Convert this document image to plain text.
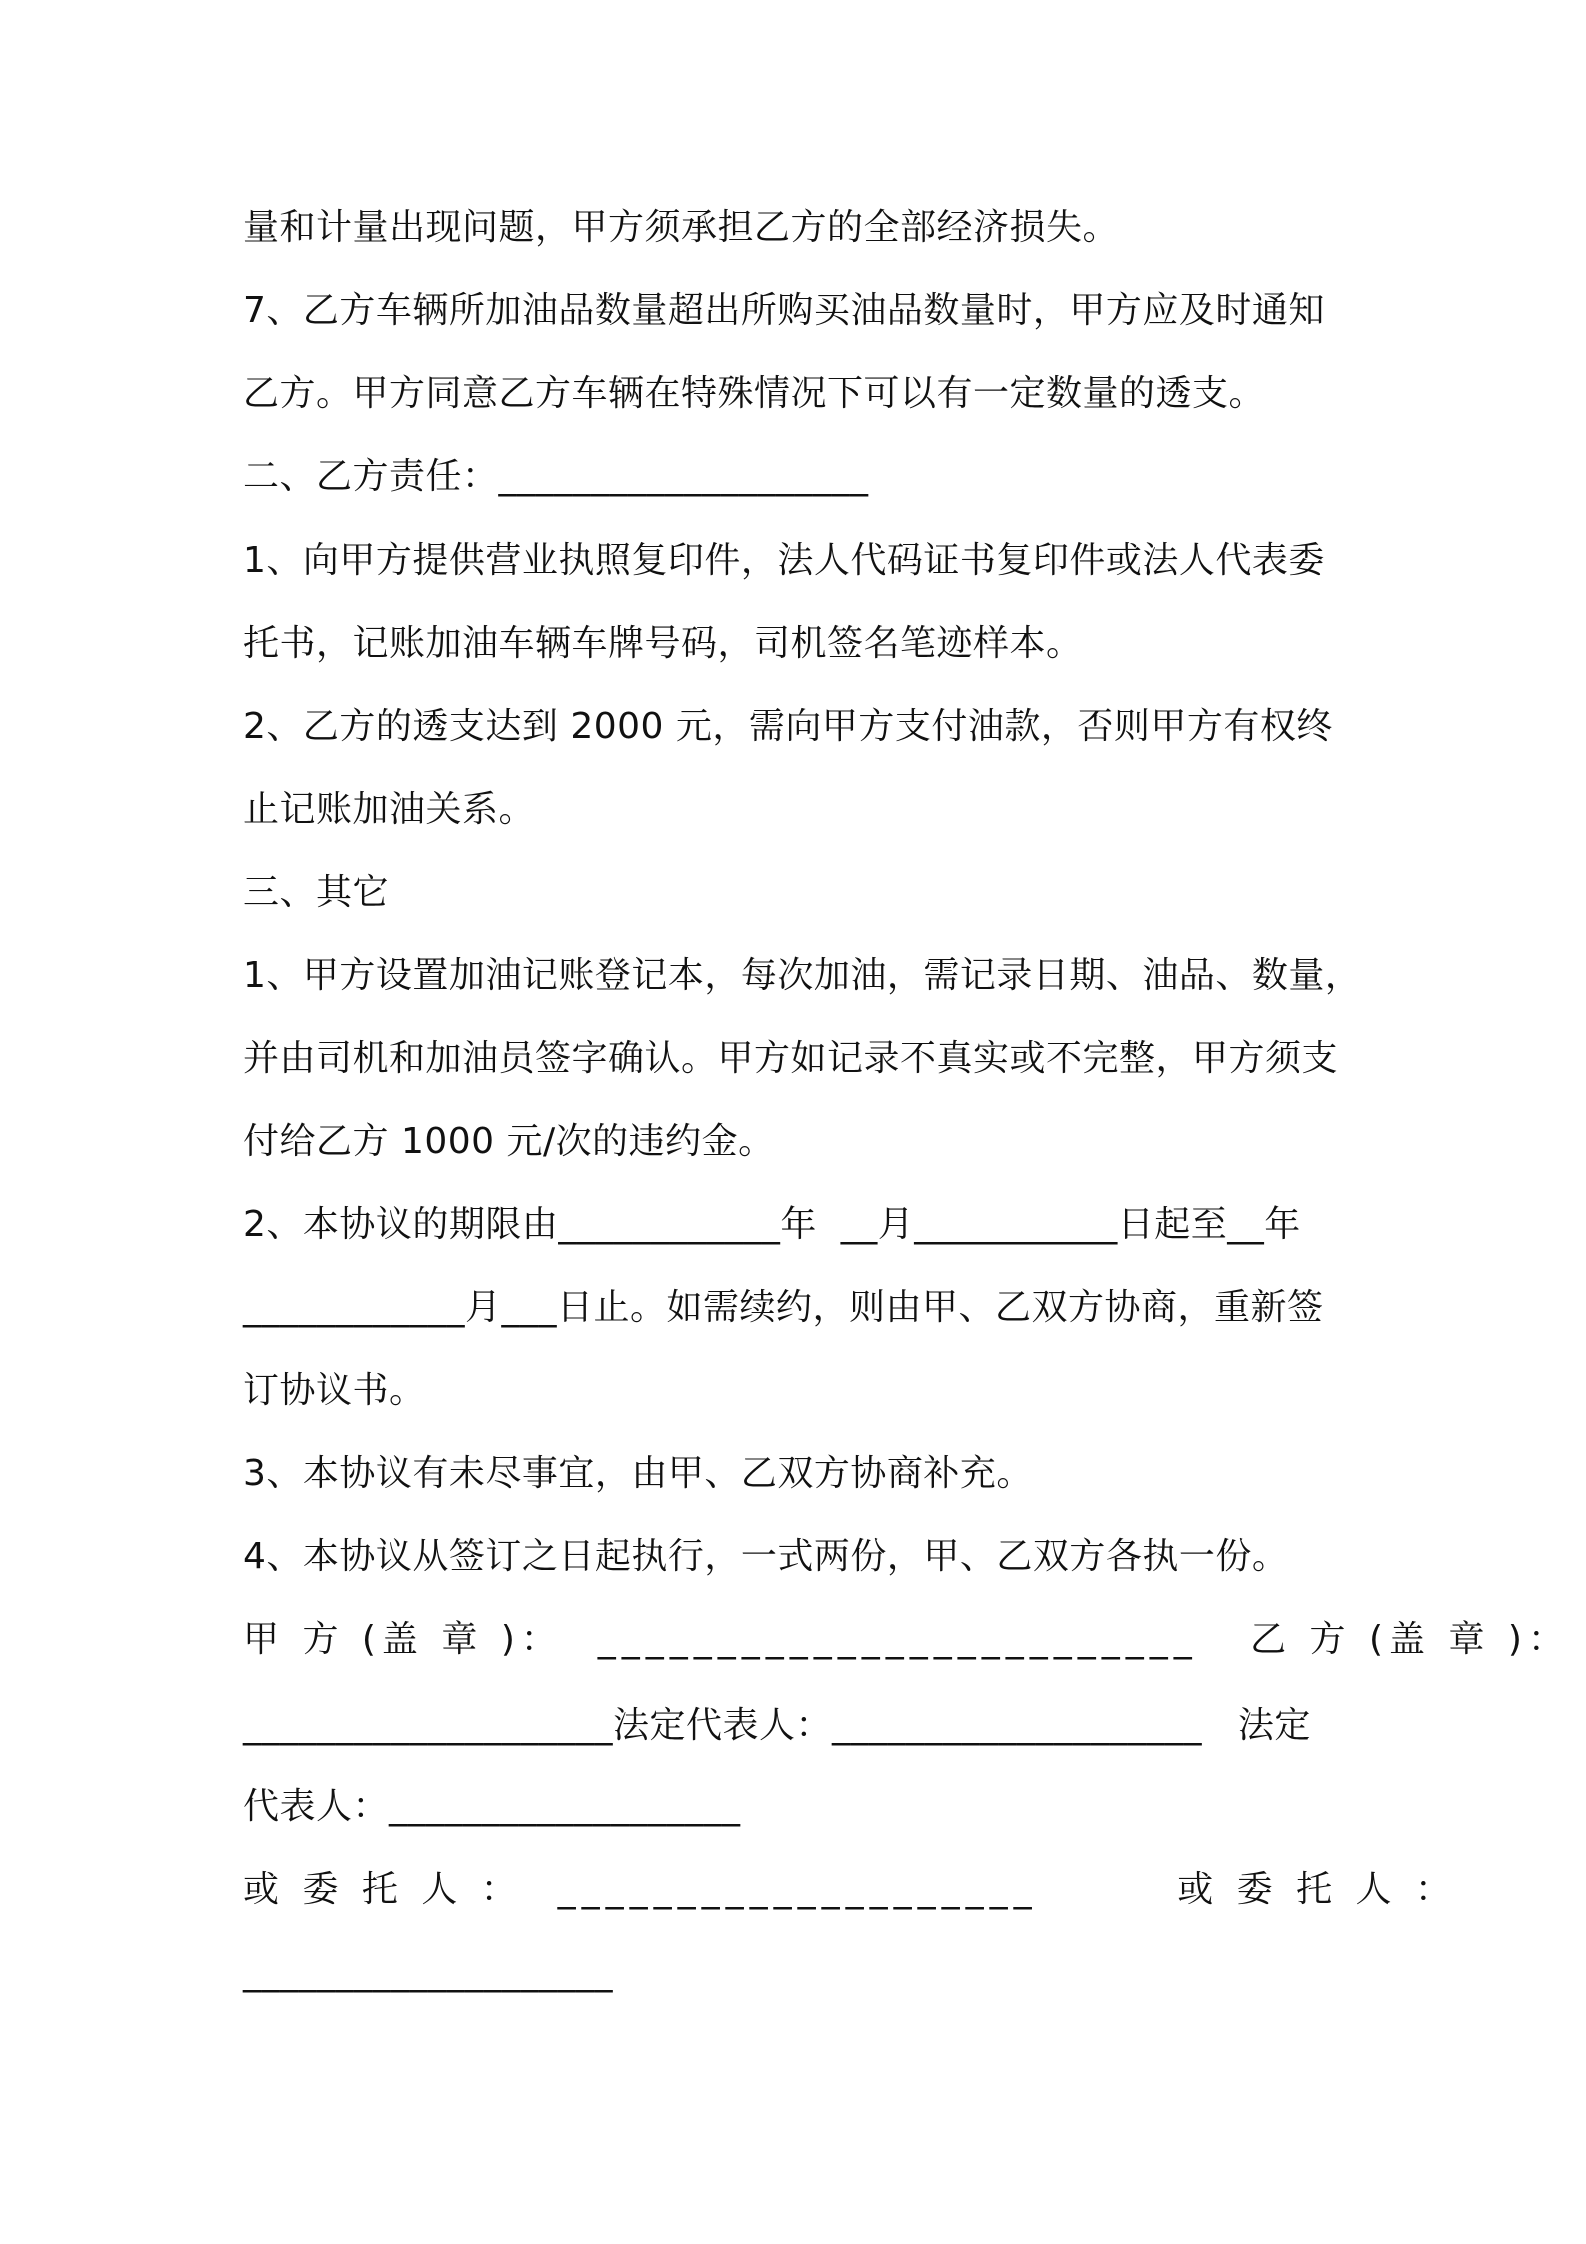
量和计量出现问题，甲方须承担乙方的全部经济损失。
7、乙方车辆所加油品数量超出所购买油品数量时，甲方应及时通知
乙方。甲方同意乙方车辆在特殊情况下可以有一定数量的透支。
二、乙方责任：____________________
1、向甲方提供营业执照复印件，法人代码证书复印件或法人代表委
托书，记账加油车辆车牌号码，司机签名笔迹样本。
2、乙方的透支达到 2000 元，需向甲方支付油款，否则甲方有权终
止记账加油关系。
三、其它
1、甲方设置加油记账登记本，每次加油，需记录日期、油品、数量，
并由司机和加油员签字确认。甲方如记录不真实或不完整，甲方须支
付给乙方 1000 元/次的违约金。
2、本协议的期限由____________年  __月___________日起至__年
____________月___日止。如需续约，则由甲、乙双方协商，重新签
订协议书。
3、本协议有未尽事宜，由甲、乙双方协商补充。
4、本协议从签订之日起执行，一式两份，甲、乙双方各执一份。
甲 方 (盖 章 )：  _________________________   乙 方 (盖 章 )：
____________________法定代表人：____________________   法定
代表人：___________________
或 委 托 人 ：  ____________________        或 委 托 人 ：
____________________
